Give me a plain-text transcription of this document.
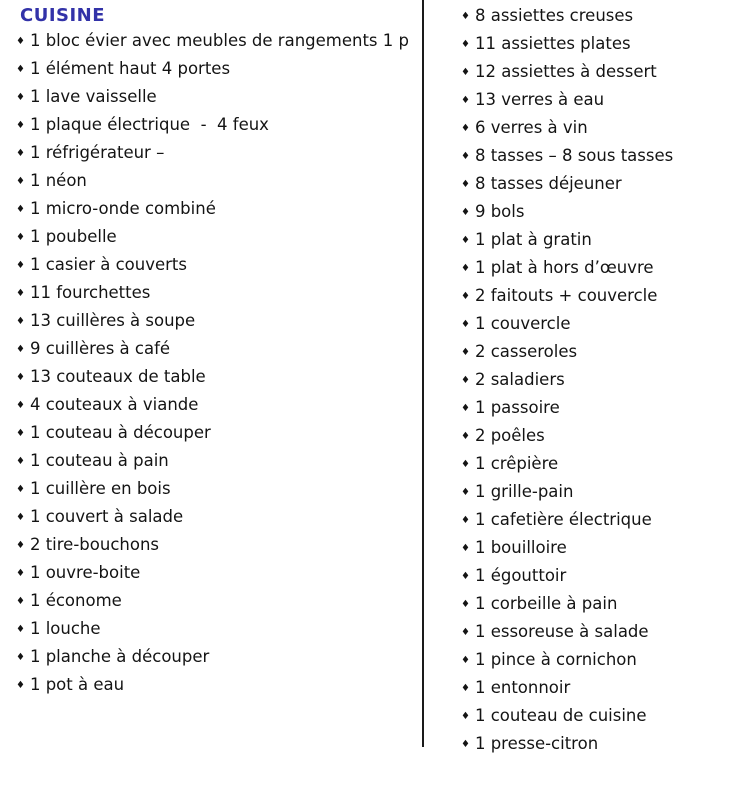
CUISINE
♦ 1 bloc évier avec meubles de rangements 1 p
♦ 1 élément haut 4 portes
♦ 1 lave vaisselle
♦ 1 plaque électrique  -  4 feux
♦ 1 réfrigérateur –
♦ 1 néon
♦ 1 micro-onde combiné
♦ 1 poubelle
♦ 1 casier à couverts
♦ 11 fourchettes
♦ 13 cuillères à soupe
♦ 9 cuillères à café
♦ 13 couteaux de table
♦ 4 couteaux à viande
♦ 1 couteau à découper
♦ 1 couteau à pain
♦ 1 cuillère en bois
♦ 1 couvert à salade
♦ 2 tire-bouchons
♦ 1 ouvre-boite
♦ 1 économe
♦ 1 louche
♦ 1 planche à découper
♦ 1 pot à eau
♦ 8 assiettes creuses
♦ 11 assiettes plates
♦ 12 assiettes à dessert
♦ 13 verres à eau
♦ 6 verres à vin
♦ 8 tasses – 8 sous tasses
♦ 8 tasses déjeuner
♦ 9 bols
♦ 1 plat à gratin
♦ 1 plat à hors d’œuvre
♦ 2 faitouts + couvercle
♦ 1 couvercle
♦ 2 casseroles
♦ 2 saladiers
♦ 1 passoire
♦ 2 poêles
♦ 1 crêpière
♦ 1 grille-pain
♦ 1 cafetière électrique
♦ 1 bouilloire
♦ 1 égouttoir
♦ 1 corbeille à pain
♦ 1 essoreuse à salade
♦ 1 pince à cornichon
♦ 1 entonnoir
♦ 1 couteau de cuisine
♦ 1 presse-citron
